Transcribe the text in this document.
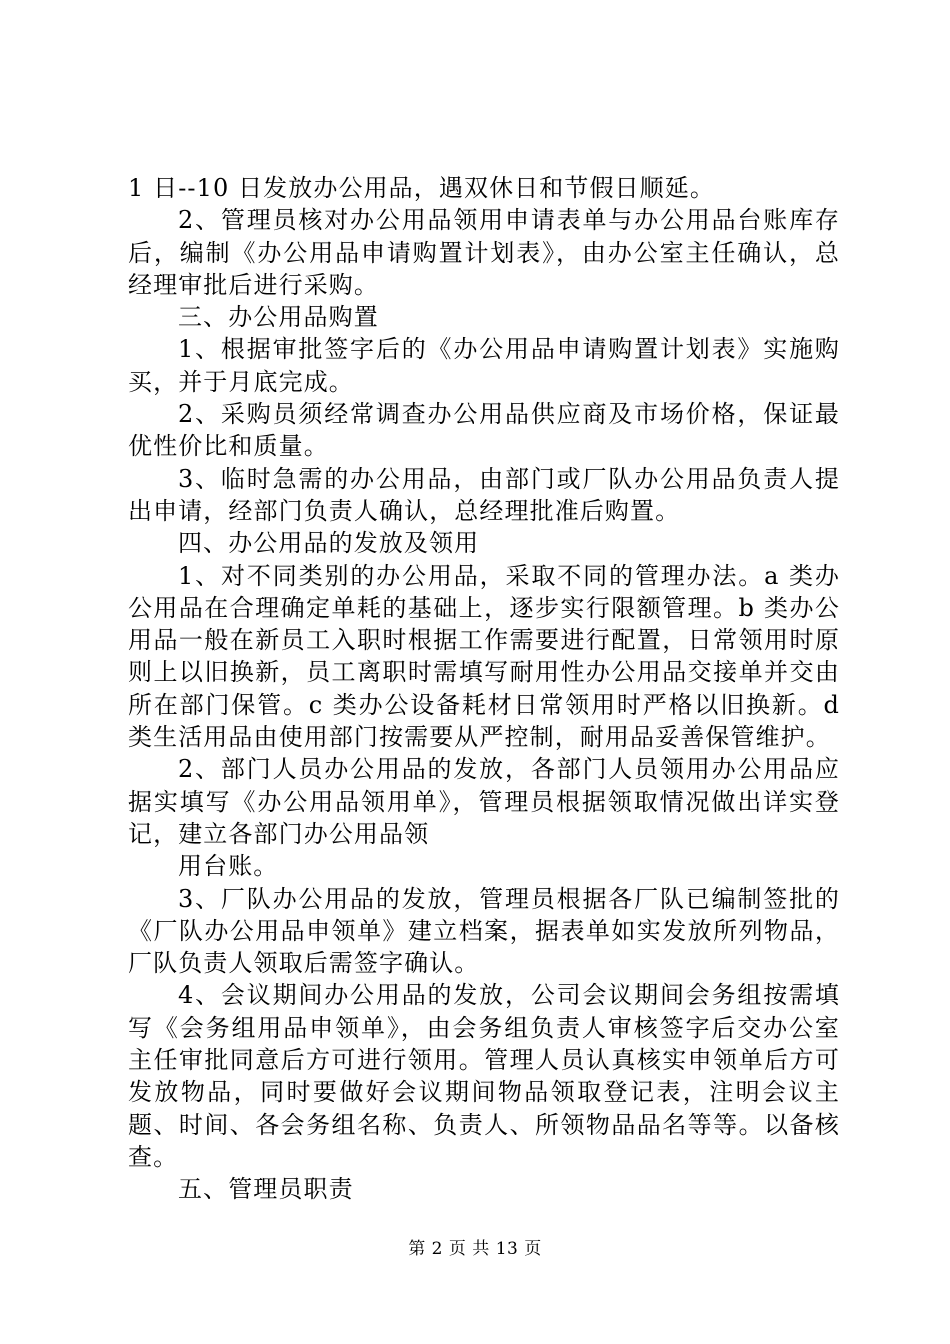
1 日--10 日发放办公用品，遇双休日和节假日顺延。

2、管理员核对办公用品领用申请表单与办公用品台账库存后，编制《办公用品申请购置计划表》，由办公室主任确认，总经理审批后进行采购。

三、办公用品购置

1、根据审批签字后的《办公用品申请购置计划表》实施购买，并于月底完成。

2、采购员须经常调查办公用品供应商及市场价格，保证最优性价比和质量。

3、临时急需的办公用品，由部门或厂队办公用品负责人提出申请，经部门负责人确认，总经理批准后购置。

四、办公用品的发放及领用

1、对不同类别的办公用品，采取不同的管理办法。a 类办公用品在合理确定单耗的基础上，逐步实行限额管理。b 类办公用品一般在新员工入职时根据工作需要进行配置，日常领用时原则上以旧换新，员工离职时需填写耐用性办公用品交接单并交由所在部门保管。c 类办公设备耗材日常领用时严格以旧换新。d 类生活用品由使用部门按需要从严控制，耐用品妥善保管维护。

2、部门人员办公用品的发放，各部门人员领用办公用品应据实填写《办公用品领用单》，管理员根据领取情况做出详实登记，建立各部门办公用品领

用台账。

3、厂队办公用品的发放，管理员根据各厂队已编制签批的《厂队办公用品申领单》建立档案，据表单如实发放所列物品，厂队负责人领取后需签字确认。

4、会议期间办公用品的发放，公司会议期间会务组按需填写《会务组用品申领单》，由会务组负责人审核签字后交办公室主任审批同意后方可进行领用。管理人员认真核实申领单后方可发放物品，同时要做好会议期间物品领取登记表，注明会议主题、时间、各会务组名称、负责人、所领物品品名等等。以备核查。

五、管理员职责

第 2 页 共 13 页
